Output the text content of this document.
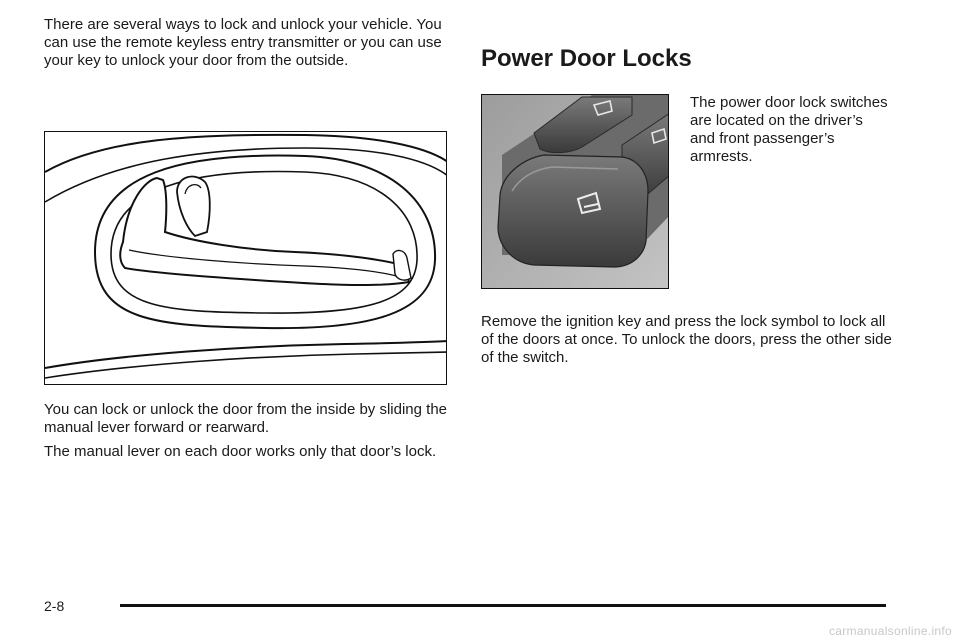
There are several ways to lock and unlock your vehicle. You can use the remote keyless entry transmitter or you can use your key to unlock your door from the outside.

You can lock or unlock the door from the inside by sliding the manual lever forward or rearward.

The manual lever on each door works only that door’s lock.

Power Door Locks

The power door lock switches are located on the driver’s and front passenger’s armrests.

Remove the ignition key and press the lock symbol to lock all of the doors at once. To unlock the doors, press the other side of the switch.

2-8
carmanualsonline.info
